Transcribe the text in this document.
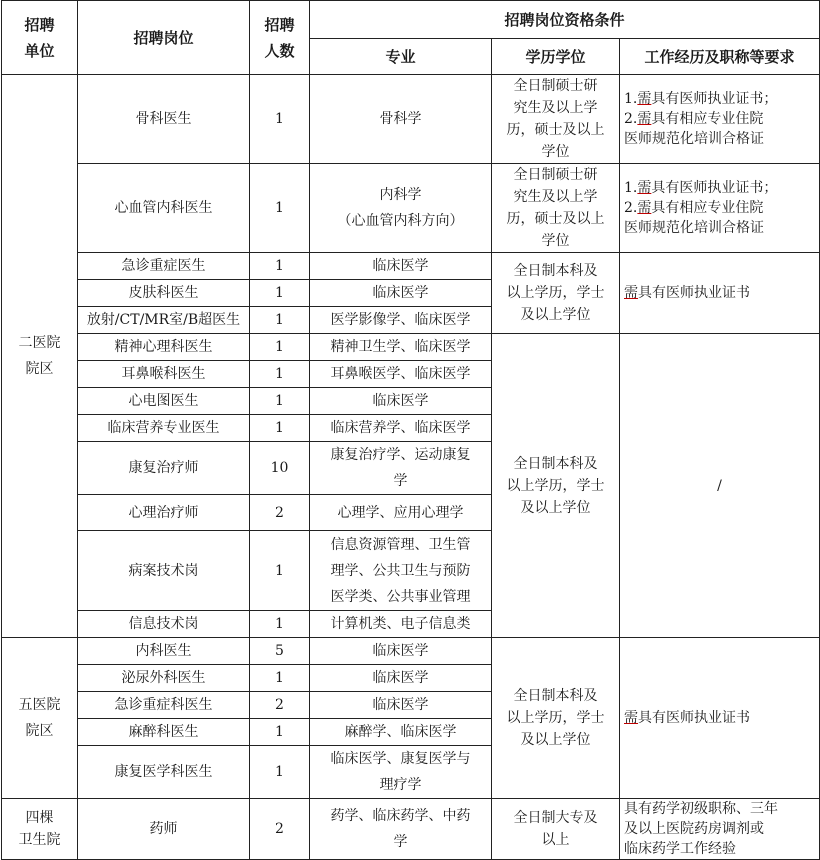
招聘
单位	招聘岗位	招聘
人数	招聘岗位资格条件		
			专业	学历学位	工作经历及职称等要求

二医院
院区	骨科医生	1	骨科学	全日制硕士研
究生及以上学
历，硕士及以上
学位	1.需具有医师执业证书；
2.需具有相应专业住院
医师规范化培训合格证
	心血管内科医生	1	内科学
（心血管内科方向）	全日制硕士研
究生及以上学
历，硕士及以上
学位	1.需具有医师执业证书；
2.需具有相应专业住院
医师规范化培训合格证
	急诊重症医生	1	临床医学	全日制本科及
以上学历，学士
及以上学位	需具有医师执业证书
	皮肤科医生	1	临床医学		
	放射/CT/MR室/B超医生	1	医学影像学、临床医学		
	精神心理科医生	1	精神卫生学、临床医学	全日制本科及
以上学历，学士
及以上学位	/
	耳鼻喉科医生	1	耳鼻喉医学、临床医学		
	心电图医生	1	临床医学		
	临床营养专业医生	1	临床营养学、临床医学		
	康复治疗师	10	康复治疗学、运动康复
学		

	心理治疗师	2	心理学、应用心理学		
	病案技术岗	1	信息资源管理、卫生管
理学、公共卫生与预防
医学类、公共事业管理		

	信息技术岗	1	计算机类、电子信息类		

五医院
院区	内科医生	5	临床医学	全日制本科及
以上学历，学士
及以上学位	需具有医师执业证书
	泌尿外科医生	1	临床医学		
	急诊重症科医生	2	临床医学		
	麻醉科医生	1	麻醉学、临床医学		
	康复医学科医生	1	临床医学、康复医学与
理疗学		

四棵
卫生院	药师	2	药学、临床药学、中药
学	全日制大专及
以上	具有药学初级职称、三年
及以上医院药房调剂或
临床药学工作经验
